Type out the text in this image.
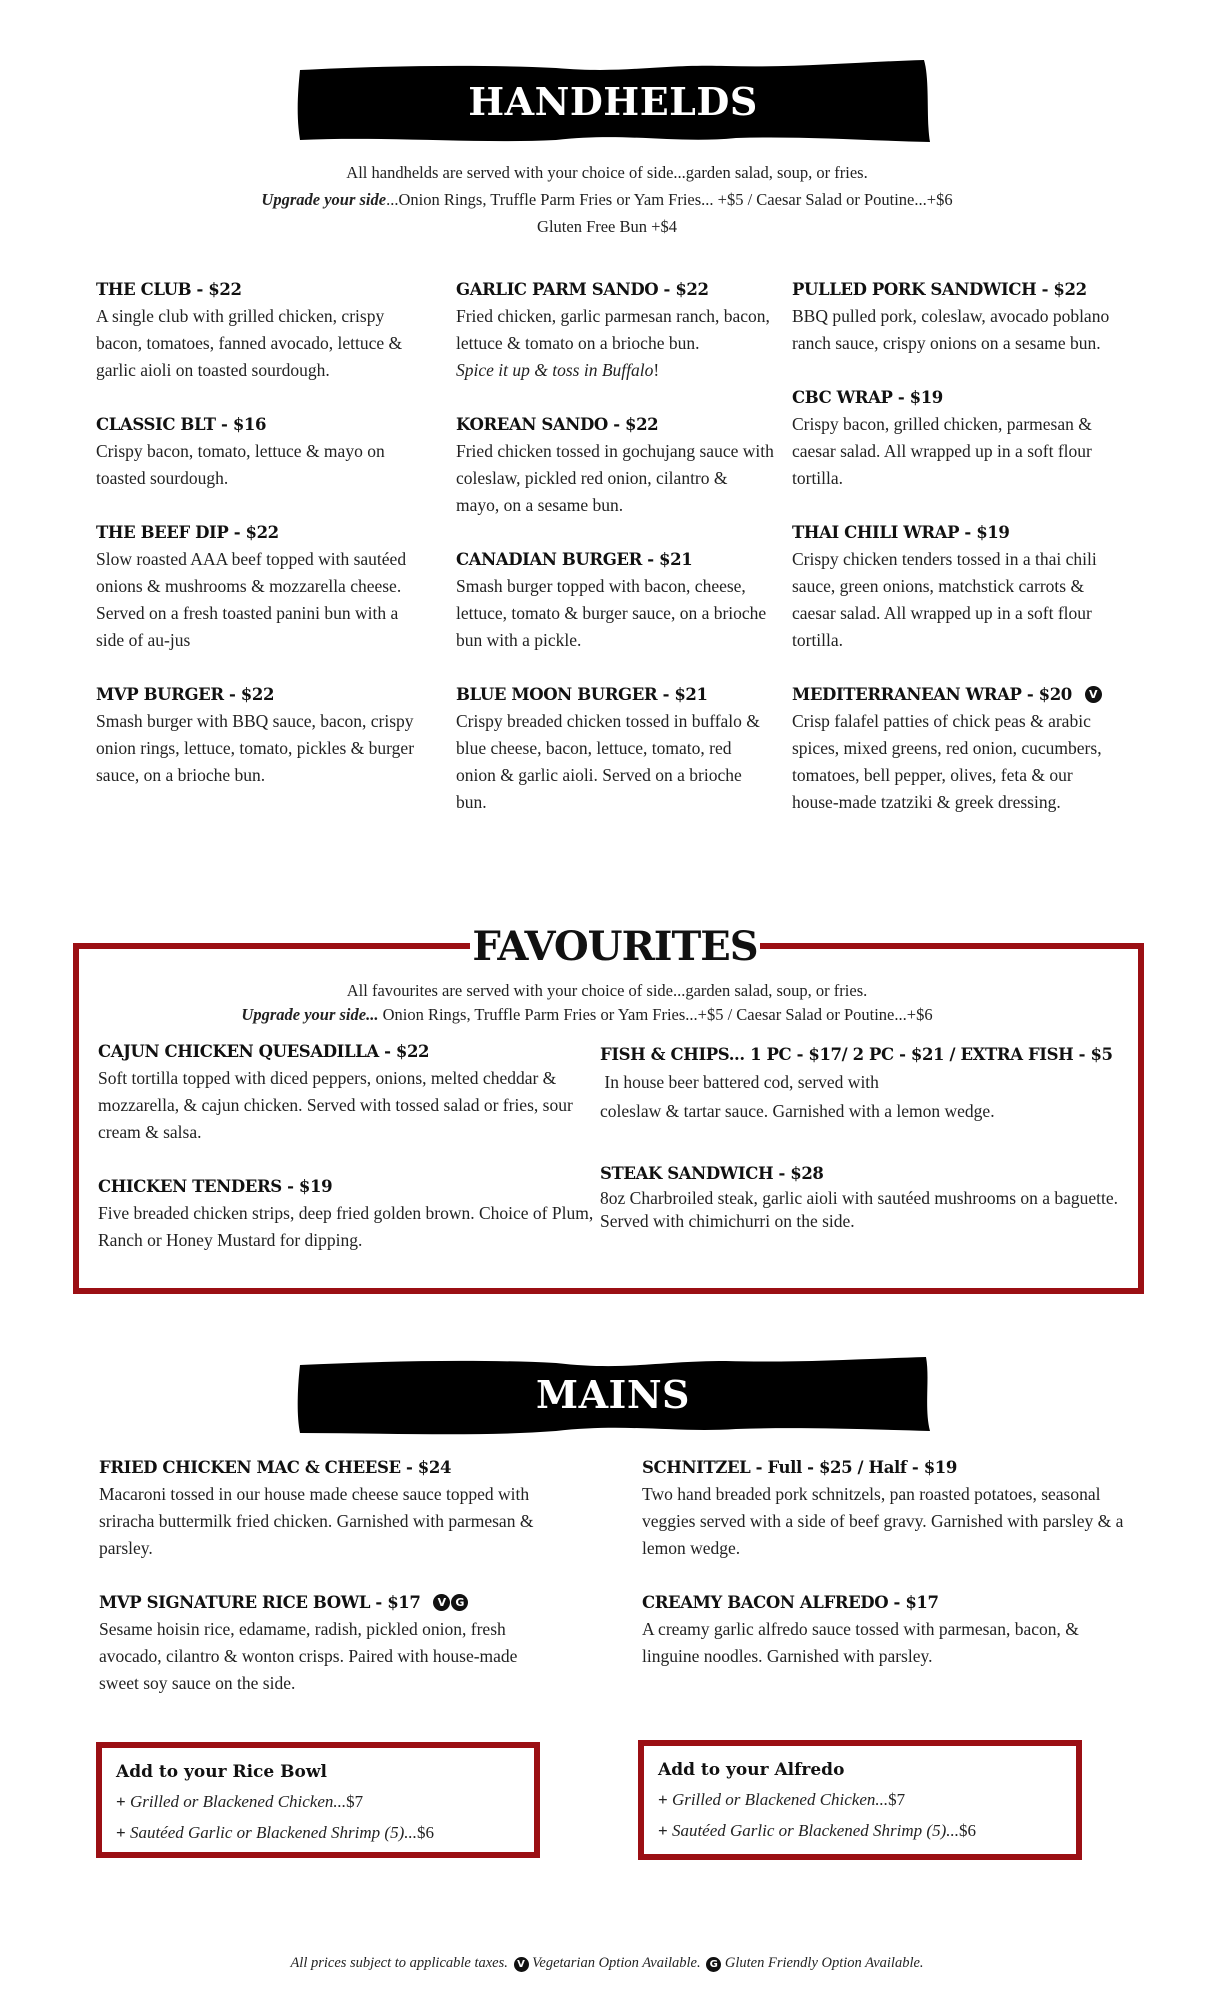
HANDHELDS
All handhelds are served with your choice of side...garden salad, soup, or fries.
Upgrade your side...Onion Rings, Truffle Parm Fries or Yam Fries... +$5 / Caesar Salad or Poutine...+$6
Gluten Free Bun +$4
THE CLUB - $22
A single club with grilled chicken, crispy bacon, tomatoes, fanned avocado, lettuce & garlic aioli on toasted sourdough.
CLASSIC BLT - $16
Crispy bacon, tomato, lettuce & mayo on toasted sourdough.
THE BEEF DIP - $22
Slow roasted AAA beef topped with sautéed onions & mushrooms & mozzarella cheese. Served on a fresh toasted panini bun with a side of au-jus
MVP BURGER - $22
Smash burger with BBQ sauce, bacon, crispy onion rings, lettuce, tomato, pickles & burger sauce, on a brioche bun.
GARLIC PARM SANDO - $22
Fried chicken, garlic parmesan ranch, bacon, lettuce & tomato on a brioche bun.
Spice it up & toss in Buffalo!
KOREAN SANDO - $22
Fried chicken tossed in gochujang sauce with coleslaw, pickled red onion, cilantro & mayo, on a sesame bun.
CANADIAN BURGER - $21
Smash burger topped with bacon, cheese, lettuce, tomato & burger sauce, on a brioche bun with a pickle.
BLUE MOON BURGER - $21
Crispy breaded chicken tossed in buffalo & blue cheese, bacon, lettuce, tomato, red onion & garlic aioli. Served on a brioche bun.
PULLED PORK SANDWICH - $22
BBQ pulled pork, coleslaw, avocado poblano ranch sauce, crispy onions on a sesame bun.
CBC WRAP - $19
Crispy bacon, grilled chicken, parmesan & caesar salad. All wrapped up in a soft flour tortilla.
THAI CHILI WRAP - $19
Crispy chicken tenders tossed in a thai chili sauce, green onions, matchstick carrots & caesar salad. All wrapped up in a soft flour tortilla.
MEDITERRANEAN WRAP - $20 V
Crisp falafel patties of chick peas & arabic spices, mixed greens, red onion, cucumbers, tomatoes, bell pepper, olives, feta & our house-made tzatziki & greek dressing.
FAVOURITES
All favourites are served with your choice of side...garden salad, soup, or fries.
Upgrade your side... Onion Rings, Truffle Parm Fries or Yam Fries...+$5 / Caesar Salad or Poutine...+$6
CAJUN CHICKEN QUESADILLA - $22
Soft tortilla topped with diced peppers, onions, melted cheddar & mozzarella, & cajun chicken. Served with tossed salad or fries, sour cream & salsa.
CHICKEN TENDERS - $19
Five breaded chicken strips, deep fried golden brown. Choice of Plum, Ranch or Honey Mustard for dipping.
FISH & CHIPS... 1 PC - $17/ 2 PC - $21 / EXTRA FISH - $5
In house beer battered cod, served with
coleslaw & tartar sauce. Garnished with a lemon wedge.
STEAK SANDWICH - $28
8oz Charbroiled steak, garlic aioli with sautéed mushrooms on a baguette. Served with chimichurri on the side.
MAINS
FRIED CHICKEN MAC & CHEESE - $24
Macaroni tossed in our house made cheese sauce topped with sriracha buttermilk fried chicken. Garnished with parmesan & parsley.
MVP SIGNATURE RICE BOWL - $17 V G
Sesame hoisin rice, edamame, radish, pickled onion, fresh avocado, cilantro & wonton crisps. Paired with house-made sweet soy sauce on the side.
SCHNITZEL - Full - $25 / Half - $19
Two hand breaded pork schnitzels, pan roasted potatoes, seasonal veggies served with a side of beef gravy. Garnished with parsley & a lemon wedge.
CREAMY BACON ALFREDO - $17
A creamy garlic alfredo sauce tossed with parmesan, bacon, & linguine noodles. Garnished with parsley.
Add to your Rice Bowl
+ Grilled or Blackened Chicken...$7
+ Sautéed Garlic or Blackened Shrimp (5)...$6
Add to your Alfredo
+ Grilled or Blackened Chicken...$7
+ Sautéed Garlic or Blackened Shrimp (5)...$6
All prices subject to applicable taxes. V Vegetarian Option Available. G Gluten Friendly Option Available.
